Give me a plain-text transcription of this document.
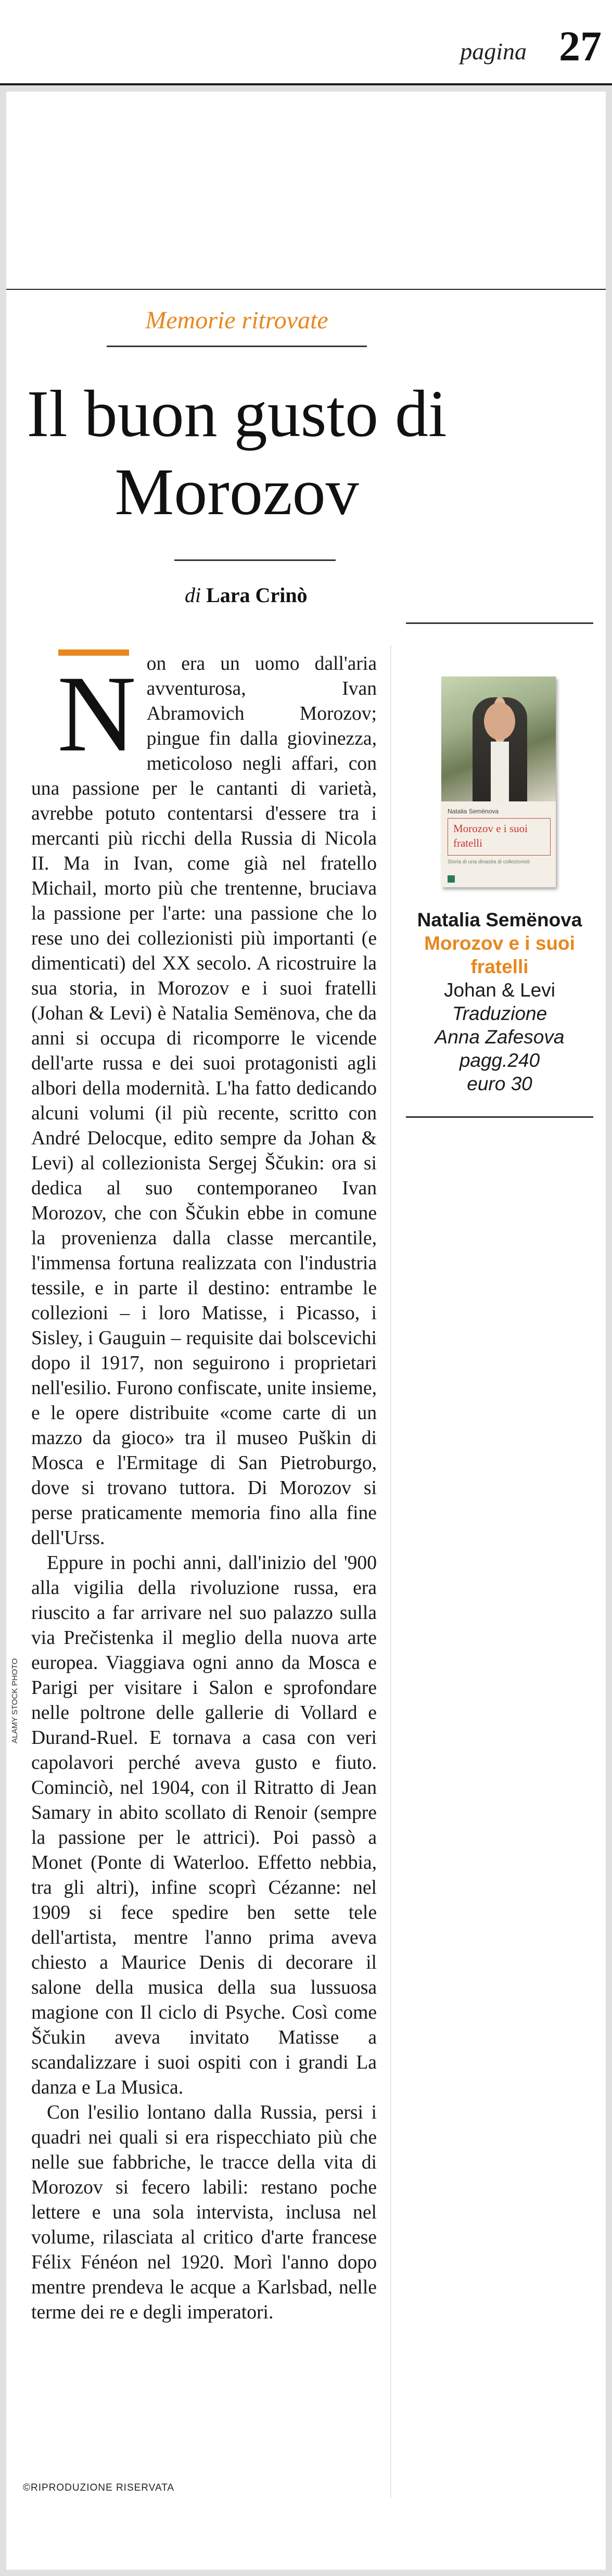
pagina 27
Memorie ritrovate
Il buon gusto di Morozov
di Lara Crinò
ALAMY STOCK PHOTO

Non era un uomo dall'aria avventurosa, Ivan Abramovich Morozov; pingue fin dalla giovinezza, meticoloso negli affari, con una passione per le cantanti di varietà, avrebbe potuto contentarsi d'essere tra i mercanti più ricchi della Russia di Nicola II. Ma in Ivan, come già nel fratello Michail, morto più che trentenne, bruciava la passione per l'arte: una passione che lo rese uno dei collezionisti più importanti (e dimenticati) del XX secolo. A ricostruire la sua storia, in Morozov e i suoi fratelli (Johan & Levi) è Natalia Semënova, che da anni si occupa di ricomporre le vicende dell'arte russa e dei suoi protagonisti agli albori della modernità. L'ha fatto dedicando alcuni volumi (il più recente, scritto con André Delocque, edito sempre da Johan & Levi) al collezionista Sergej Ščukin: ora si dedica al suo contemporaneo Ivan Morozov, che con Ščukin ebbe in comune la provenienza dalla classe mercantile, l'immensa fortuna realizzata con l'industria tessile, e in parte il destino: entrambe le collezioni – i loro Matisse, i Picasso, i Sisley, i Gauguin – requisite dai bolscevichi dopo il 1917, non seguirono i proprietari nell'esilio. Furono confiscate, unite insieme, e le opere distribuite «come carte di un mazzo da gioco» tra il museo Puškin di Mosca e l'Ermitage di San Pietroburgo, dove si trovano tuttora. Di Morozov si perse praticamente memoria fino alla fine dell'Urss.

Eppure in pochi anni, dall'inizio del '900 alla vigilia della rivoluzione russa, era riuscito a far arrivare nel suo palazzo sulla via Prečistenka il meglio della nuova arte europea. Viaggiava ogni anno da Mosca e Parigi per visitare i Salon e sprofondare nelle poltrone delle gallerie di Vollard e Durand-Ruel. E tornava a casa con veri capolavori perché aveva gusto e fiuto. Cominciò, nel 1904, con il Ritratto di Jean Samary in abito scollato di Renoir (sempre la passione per le attrici). Poi passò a Monet (Ponte di Waterloo. Effetto nebbia, tra gli altri), infine scoprì Cézanne: nel 1909 si fece spedire ben sette tele dell'artista, mentre l'anno prima aveva chiesto a Maurice Denis di decorare il salone della musica della sua lussuosa magione con Il ciclo di Psyche. Così come Ščukin aveva invitato Matisse a scandalizzare i suoi ospiti con i grandi La danza e La Musica.

Con l'esilio lontano dalla Russia, persi i quadri nei quali si era rispecchiato più che nelle sue fabbriche, le tracce della vita di Morozov si fecero labili: restano poche lettere e una sola intervista, inclusa nel volume, rilasciata al critico d'arte francese Félix Fénéon nel 1920. Morì l'anno dopo mentre prendeva le acque a Karlsbad, nelle terme dei re e degli imperatori.

©RIPRODUZIONE RISERVATA
Natalia Semënova
Morozov e i suoi fratelli
Storia di una dinastia di collezionisti
Natalia Semënova
Morozov e i suoi fratelli
Johan & Levi
Traduzione
Anna Zafesova
pagg.240
euro 30
